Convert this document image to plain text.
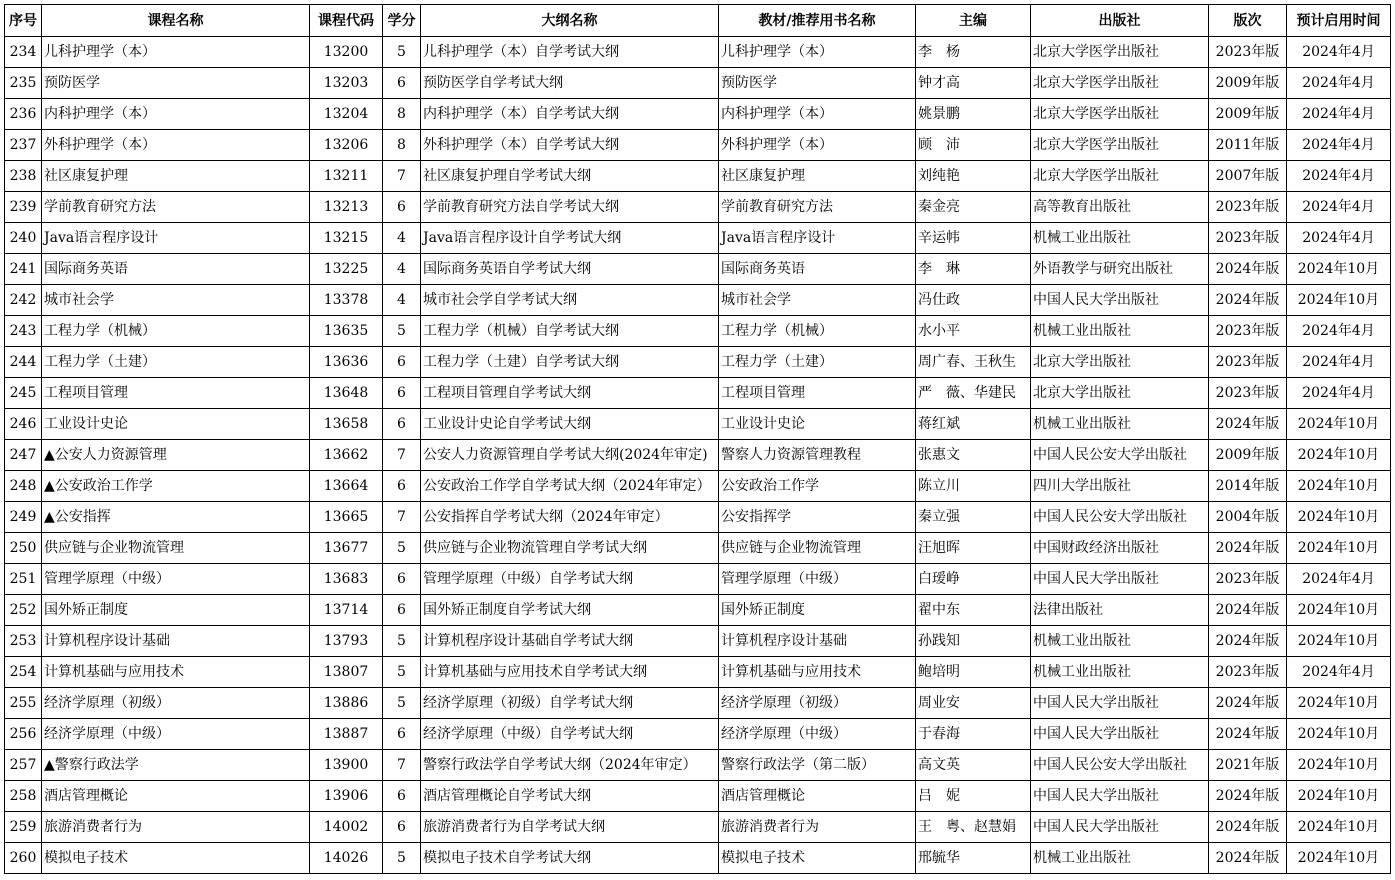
序号	课程名称	课程代码	学分	大纲名称	教材/推荐用书名称	主编	出版社	版次	预计启用时间
234	儿科护理学（本）	13200	5	儿科护理学（本）自学考试大纲	儿科护理学（本）	李　杨	北京大学医学出版社	2023年版	2024年4月
235	预防医学	13203	6	预防医学自学考试大纲	预防医学	钟才高	北京大学医学出版社	2009年版	2024年4月
236	内科护理学（本）	13204	8	内科护理学（本）自学考试大纲	内科护理学（本）	姚景鹏	北京大学医学出版社	2009年版	2024年4月
237	外科护理学（本）	13206	8	外科护理学（本）自学考试大纲	外科护理学（本）	顾　沛	北京大学医学出版社	2011年版	2024年4月
238	社区康复护理	13211	7	社区康复护理自学考试大纲	社区康复护理	刘纯艳	北京大学医学出版社	2007年版	2024年4月
239	学前教育研究方法	13213	6	学前教育研究方法自学考试大纲	学前教育研究方法	秦金亮	高等教育出版社	2023年版	2024年4月
240	Java语言程序设计	13215	4	Java语言程序设计自学考试大纲	Java语言程序设计	辛运帏	机械工业出版社	2023年版	2024年4月
241	国际商务英语	13225	4	国际商务英语自学考试大纲	国际商务英语	李　琳	外语教学与研究出版社	2024年版	2024年10月
242	城市社会学	13378	4	城市社会学自学考试大纲	城市社会学	冯仕政	中国人民大学出版社	2024年版	2024年10月
243	工程力学（机械）	13635	5	工程力学（机械）自学考试大纲	工程力学（机械）	水小平	机械工业出版社	2023年版	2024年4月
244	工程力学（土建）	13636	6	工程力学（土建）自学考试大纲	工程力学（土建）	周广春、王秋生	北京大学出版社	2023年版	2024年4月
245	工程项目管理	13648	6	工程项目管理自学考试大纲	工程项目管理	严　薇、华建民	北京大学出版社	2023年版	2024年4月
246	工业设计史论	13658	6	工业设计史论自学考试大纲	工业设计史论	蒋红斌	机械工业出版社	2024年版	2024年10月
247	▲公安人力资源管理	13662	7	公安人力资源管理自学考试大纲(2024年审定)	警察人力资源管理教程	张惠文	中国人民公安大学出版社	2009年版	2024年10月
248	▲公安政治工作学	13664	6	公安政治工作学自学考试大纲（2024年审定）	公安政治工作学	陈立川	四川大学出版社	2014年版	2024年10月
249	▲公安指挥	13665	7	公安指挥自学考试大纲（2024年审定）	公安指挥学	秦立强	中国人民公安大学出版社	2004年版	2024年10月
250	供应链与企业物流管理	13677	5	供应链与企业物流管理自学考试大纲	供应链与企业物流管理	汪旭晖	中国财政经济出版社	2024年版	2024年10月
251	管理学原理（中级）	13683	6	管理学原理（中级）自学考试大纲	管理学原理（中级）	白瑷峥	中国人民大学出版社	2023年版	2024年4月
252	国外矫正制度	13714	6	国外矫正制度自学考试大纲	国外矫正制度	翟中东	法律出版社	2024年版	2024年10月
253	计算机程序设计基础	13793	5	计算机程序设计基础自学考试大纲	计算机程序设计基础	孙践知	机械工业出版社	2024年版	2024年10月
254	计算机基础与应用技术	13807	5	计算机基础与应用技术自学考试大纲	计算机基础与应用技术	鲍培明	机械工业出版社	2023年版	2024年4月
255	经济学原理（初级）	13886	5	经济学原理（初级）自学考试大纲	经济学原理（初级）	周业安	中国人民大学出版社	2024年版	2024年10月
256	经济学原理（中级）	13887	6	经济学原理（中级）自学考试大纲	经济学原理（中级）	于春海	中国人民大学出版社	2024年版	2024年10月
257	▲警察行政法学	13900	7	警察行政法学自学考试大纲（2024年审定）	警察行政法学（第二版）	高文英	中国人民公安大学出版社	2021年版	2024年10月
258	酒店管理概论	13906	6	酒店管理概论自学考试大纲	酒店管理概论	吕　妮	中国人民大学出版社	2024年版	2024年10月
259	旅游消费者行为	14002	6	旅游消费者行为自学考试大纲	旅游消费者行为	王　粤、赵慧娟	中国人民大学出版社	2024年版	2024年10月
260	模拟电子技术	14026	5	模拟电子技术自学考试大纲	模拟电子技术	邢毓华	机械工业出版社	2024年版	2024年10月
